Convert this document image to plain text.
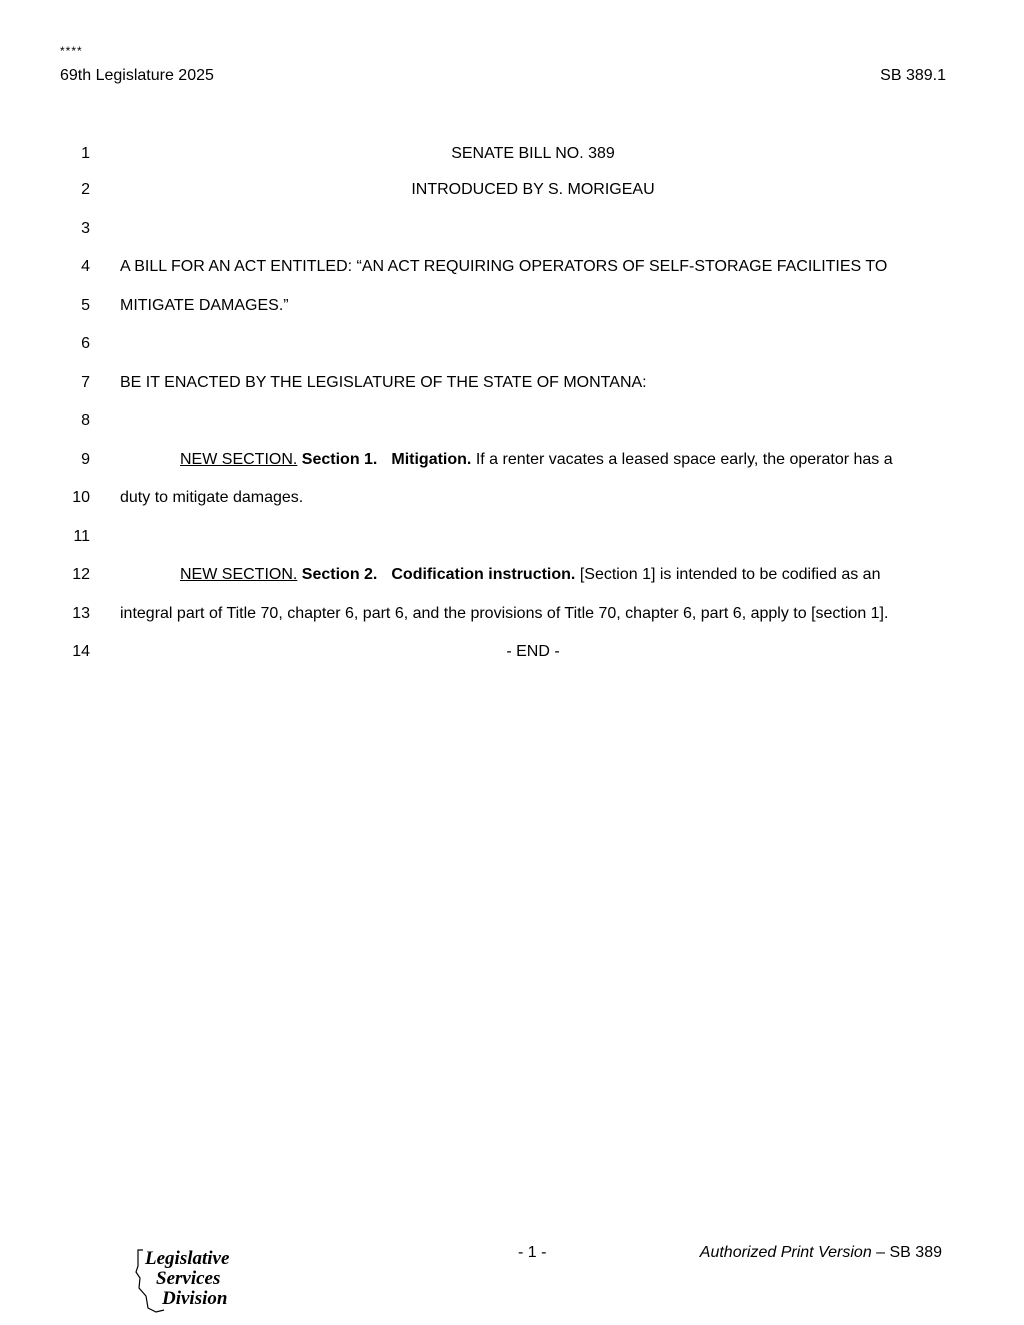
****
69th Legislature 2025	SB 389.1
1	SENATE BILL NO. 389
2	INTRODUCED BY S. MORIGEAU
3
4 A BILL FOR AN ACT ENTITLED: “AN ACT REQUIRING OPERATORS OF SELF-STORAGE FACILITIES TO
5 MITIGATE DAMAGES.”
6
7 BE IT ENACTED BY THE LEGISLATURE OF THE STATE OF MONTANA:
8
9	NEW SECTION. Section 1. Mitigation. If a renter vacates a leased space early, the operator has a
10 duty to mitigate damages.
11
12	NEW SECTION. Section 2. Codification instruction. [Section 1] is intended to be codified as an
13 integral part of Title 70, chapter 6, part 6, and the provisions of Title 70, chapter 6, part 6, apply to [section 1].
14	- END -
Legislative
Services
Division
- 1 -	Authorized Print Version – SB 389
